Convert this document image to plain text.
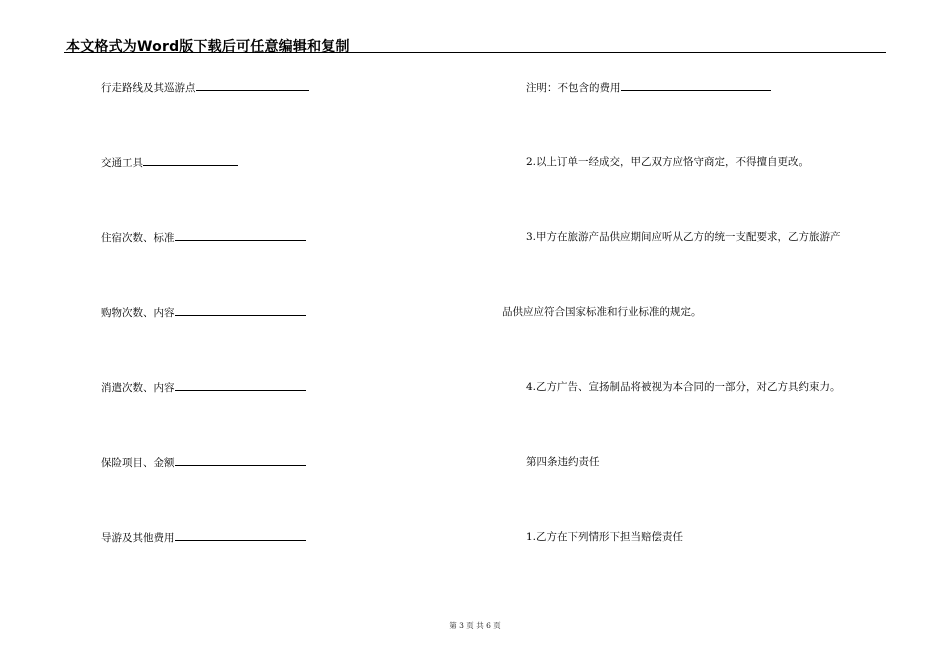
本文格式为Word版下载后可任意编辑和复制
行走路线及其巡游点
交通工具
住宿次数、标准
购物次数、内容
消遣次数、内容
保险项目、金额
导游及其他费用
注明：不包含的费用
2.以上订单一经成交，甲乙双方应恪守商定，不得擅自更改。
3.甲方在旅游产品供应期间应听从乙方的统一支配要求，乙方旅游产
品供应应符合国家标准和行业标准的规定。
4.乙方广告、宣扬制品将被视为本合同的一部分，对乙方具约束力。
第四条违约责任
1.乙方在下列情形下担当赔偿责任
第 3 页 共 6 页
